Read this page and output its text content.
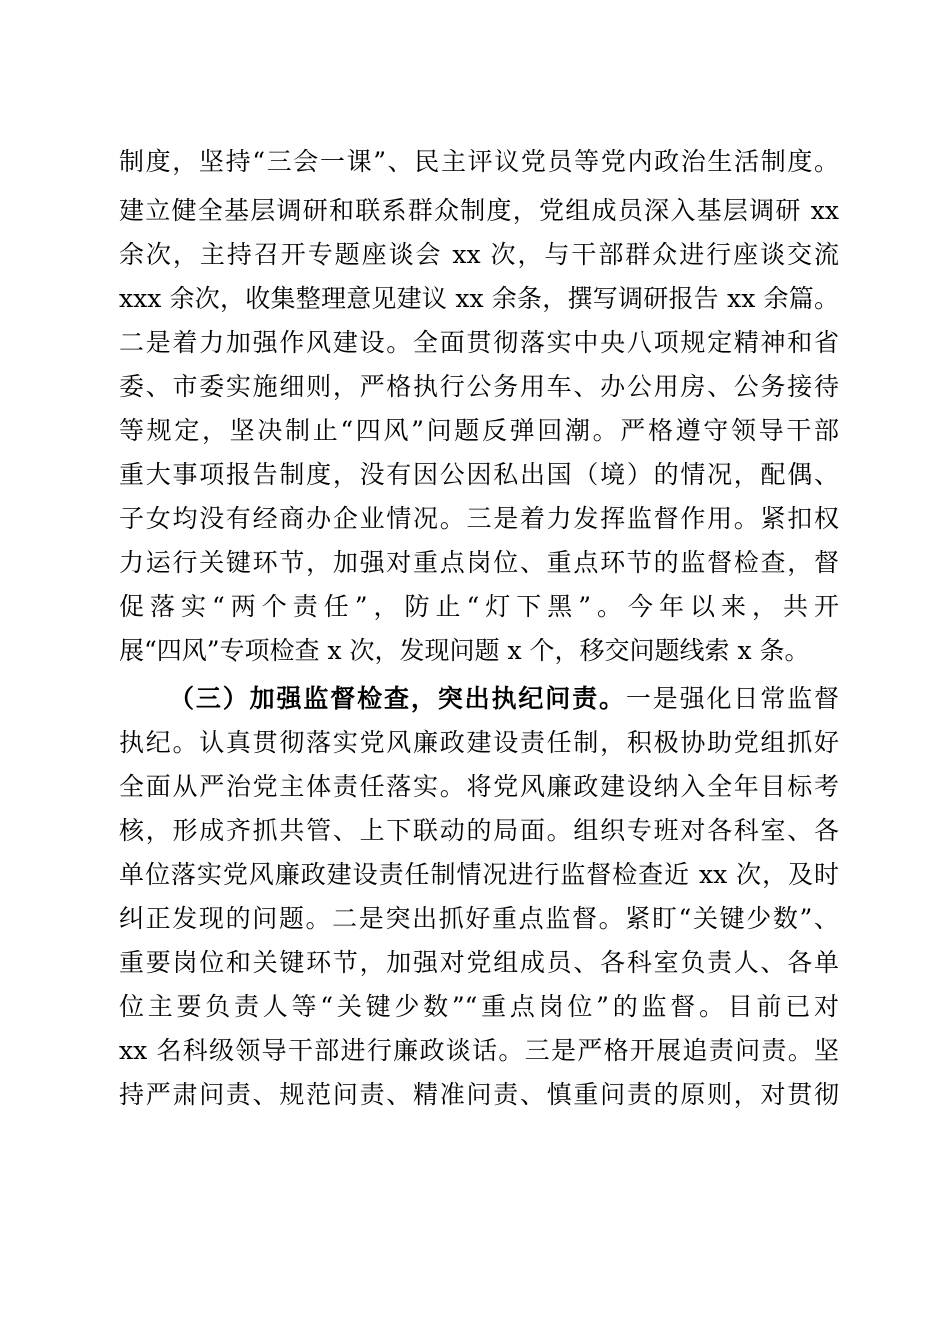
制度，坚持“三会一课”、民主评议党员等党内政治生活制度。
建立健全基层调研和联系群众制度，党组成员深入基层调研 xx
余次，主持召开专题座谈会 xx 次，与干部群众进行座谈交流
xxx 余次，收集整理意见建议 xx 余条，撰写调研报告 xx 余篇。
二是着力加强作风建设。全面贯彻落实中央八项规定精神和省
委、市委实施细则，严格执行公务用车、办公用房、公务接待
等规定，坚决制止“四风”问题反弹回潮。严格遵守领导干部
重大事项报告制度，没有因公因私出国（境）的情况，配偶、
子女均没有经商办企业情况。三是着力发挥监督作用。紧扣权
力运行关键环节，加强对重点岗位、重点环节的监督检查，督
促落实“两个责任”，防止“灯下黑”。今年以来，共开
展“四风”专项检查 x 次，发现问题 x 个，移交问题线索 x 条。
（三）加强监督检查，突出执纪问责。一是强化日常监督
执纪。认真贯彻落实党风廉政建设责任制，积极协助党组抓好
全面从严治党主体责任落实。将党风廉政建设纳入全年目标考
核，形成齐抓共管、上下联动的局面。组织专班对各科室、各
单位落实党风廉政建设责任制情况进行监督检查近 xx 次，及时
纠正发现的问题。二是突出抓好重点监督。紧盯“关键少数”、
重要岗位和关键环节，加强对党组成员、各科室负责人、各单
位主要负责人等“关键少数”“重点岗位”的监督。目前已对
xx 名科级领导干部进行廉政谈话。三是严格开展追责问责。坚
持严肃问责、规范问责、精准问责、慎重问责的原则，对贯彻
